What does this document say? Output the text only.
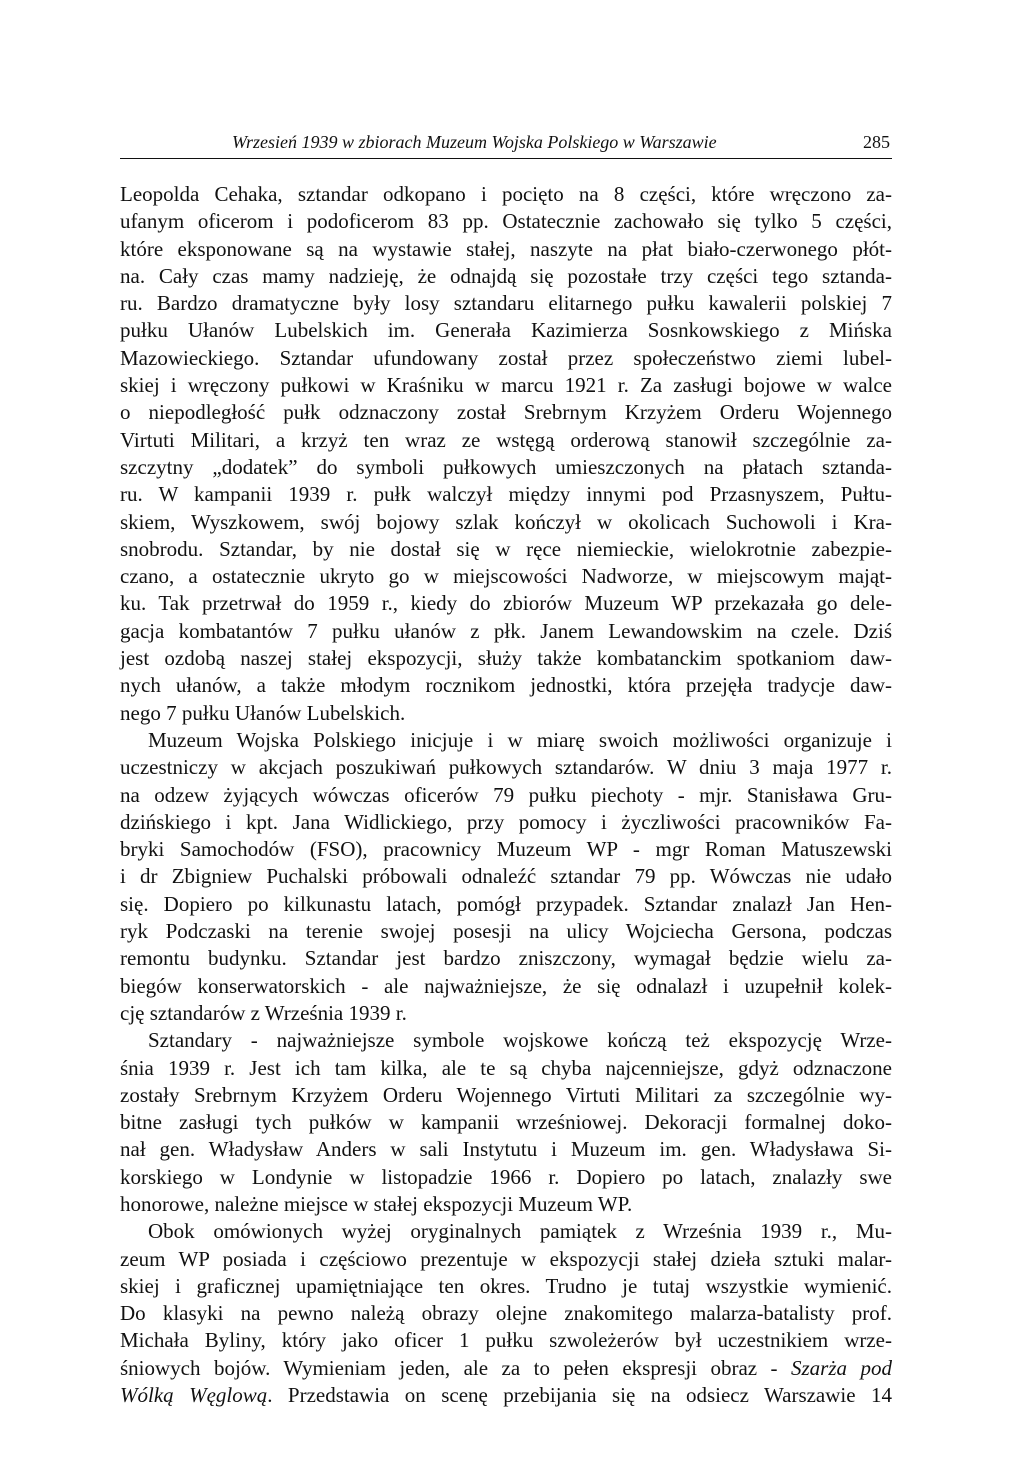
Wrzesień 1939 w zbiorach Muzeum Wojska Polskiego w Warszawie	285
Leopolda Cehaka, sztandar odkopano i pocięto na 8 części, które wręczono za-
ufanym oficerom i podoficerom 83 pp. Ostatecznie zachowało się tylko 5 części,
które eksponowane są na wystawie stałej, naszyte na płat biało-czerwonego płót-
na. Cały czas mamy nadzieję, że odnajdą się pozostałe trzy części tego sztanda-
ru. Bardzo dramatyczne były losy sztandaru elitarnego pułku kawalerii polskiej 7
pułku Ułanów Lubelskich im. Generała Kazimierza Sosnkowskiego z Mińska
Mazowieckiego. Sztandar ufundowany został przez społeczeństwo ziemi lubel-
skiej i wręczony pułkowi w Kraśniku w marcu 1921 r. Za zasługi bojowe w walce
o niepodległość pułk odznaczony został Srebrnym Krzyżem Orderu Wojennego
Virtuti Militari, a krzyż ten wraz ze wstęgą orderową stanowił szczególnie za-
szczytny „dodatek” do symboli pułkowych umieszczonych na płatach sztanda-
ru. W kampanii 1939 r. pułk walczył między innymi pod Przasnyszem, Pułtu-
skiem, Wyszkowem, swój bojowy szlak kończył w okolicach Suchowoli i Kra-
snobrodu. Sztandar, by nie dostał się w ręce niemieckie, wielokrotnie zabezpie-
czano, a ostatecznie ukryto go w miejscowości Nadworze, w miejscowym mająt-
ku. Tak przetrwał do 1959 r., kiedy do zbiorów Muzeum WP przekazała go dele-
gacja kombatantów 7 pułku ułanów z płk. Janem Lewandowskim na czele. Dziś
jest ozdobą naszej stałej ekspozycji, służy także kombatanckim spotkaniom daw-
nych ułanów, a także młodym rocznikom jednostki, która przejęła tradycje daw-
nego 7 pułku Ułanów Lubelskich.
Muzeum Wojska Polskiego inicjuje i w miarę swoich możliwości organizuje i
uczestniczy w akcjach poszukiwań pułkowych sztandarów. W dniu 3 maja 1977 r.
na odzew żyjących wówczas oficerów 79 pułku piechoty - mjr. Stanisława Gru-
dzińskiego i kpt. Jana Widlickiego, przy pomocy i życzliwości pracowników Fa-
bryki Samochodów (FSO), pracownicy Muzeum WP - mgr Roman Matuszewski
i dr Zbigniew Puchalski próbowali odnaleźć sztandar 79 pp. Wówczas nie udało
się. Dopiero po kilkunastu latach, pomógł przypadek. Sztandar znalazł Jan Hen-
ryk Podczaski na terenie swojej posesji na ulicy Wojciecha Gersona, podczas
remontu budynku. Sztandar jest bardzo zniszczony, wymagał będzie wielu za-
biegów konserwatorskich - ale najważniejsze, że się odnalazł i uzupełnił kolek-
cję sztandarów z Września 1939 r.
Sztandary - najważniejsze symbole wojskowe kończą też ekspozycję Wrze-
śnia 1939 r. Jest ich tam kilka, ale te są chyba najcenniejsze, gdyż odznaczone
zostały Srebrnym Krzyżem Orderu Wojennego Virtuti Militari za szczególnie wy-
bitne zasługi tych pułków w kampanii wrześniowej. Dekoracji formalnej doko-
nał gen. Władysław Anders w sali Instytutu i Muzeum im. gen. Władysława Si-
korskiego w Londynie w listopadzie 1966 r. Dopiero po latach, znalazły swe
honorowe, należne miejsce w stałej ekspozycji Muzeum WP.
Obok omówionych wyżej oryginalnych pamiątek z Września 1939 r., Mu-
zeum WP posiada i częściowo prezentuje w ekspozycji stałej dzieła sztuki malar-
skiej i graficznej upamiętniające ten okres. Trudno je tutaj wszystkie wymienić.
Do klasyki na pewno należą obrazy olejne znakomitego malarza-batalisty prof.
Michała Byliny, który jako oficer 1 pułku szwoleżerów był uczestnikiem wrze-
śniowych bojów. Wymieniam jeden, ale za to pełen ekspresji obraz - Szarża pod
Wólką Węglową. Przedstawia on scenę przebijania się na odsiecz Warszawie 14
